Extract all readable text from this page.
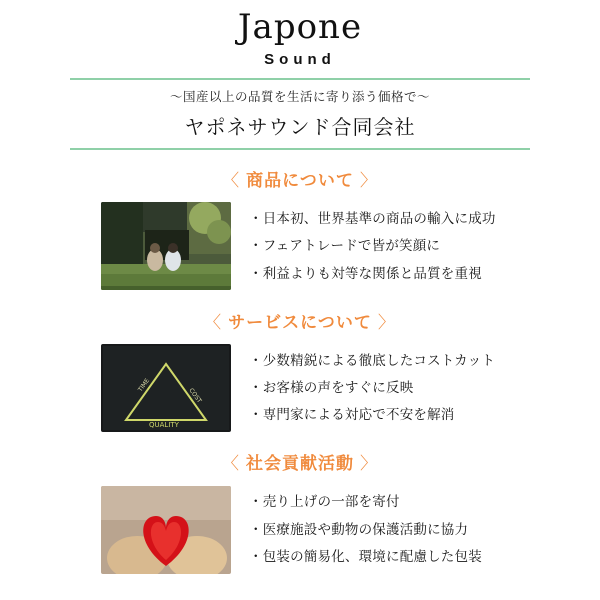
Japone
Sound
〜国産以上の品質を生活に寄り添う価格で〜
ヤポネサウンド合同会社
〈 商品について 〉
・日本初、世界基準の商品の輸入に成功
・フェアトレードで皆が笑顔に
・利益よりも対等な関係と品質を重視
〈 サービスについて 〉
TIME
COST
QUALITY
・少数精鋭による徹底したコストカット
・お客様の声をすぐに反映
・専門家による対応で不安を解消
〈 社会貢献活動 〉
・売り上げの一部を寄付
・医療施設や動物の保護活動に協力
・包装の簡易化、環境に配慮した包装
